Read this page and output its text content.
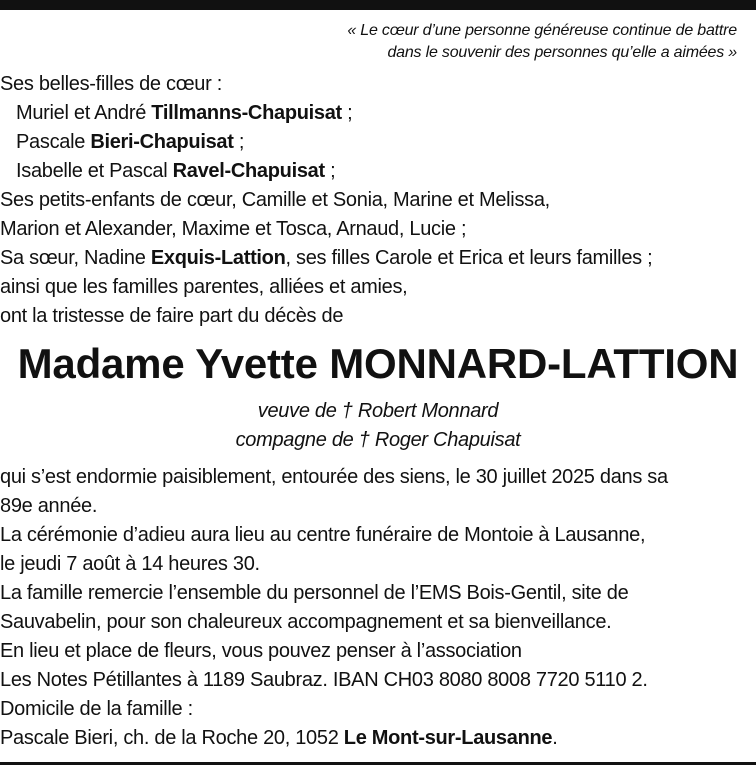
« Le cœur d’une personne généreuse continue de battre
dans le souvenir des personnes qu’elle a aimées »
Ses belles-filles de cœur :
Muriel et André Tillmanns-Chapuisat ;
Pascale Bieri-Chapuisat ;
Isabelle et Pascal Ravel-Chapuisat ;
Ses petits-enfants de cœur, Camille et Sonia, Marine et Melissa,
Marion et Alexander, Maxime et Tosca, Arnaud, Lucie ;
Sa sœur, Nadine Exquis-Lattion, ses filles Carole et Erica et leurs familles ;
ainsi que les familles parentes, alliées et amies,
ont la tristesse de faire part du décès de
Madame Yvette MONNARD-LATTION
veuve de † Robert Monnard
compagne de † Roger Chapuisat
qui s’est endormie paisiblement, entourée des siens, le 30 juillet 2025 dans sa
89e année.
La cérémonie d’adieu aura lieu au centre funéraire de Montoie à Lausanne,
le jeudi 7 août à 14 heures 30.
La famille remercie l’ensemble du personnel de l’EMS Bois-Gentil, site de
Sauvabelin, pour son chaleureux accompagnement et sa bienveillance.
En lieu et place de fleurs, vous pouvez penser à l’association
Les Notes Pétillantes à 1189 Saubraz. IBAN CH03 8080 8008 7720 5110 2.
Domicile de la famille :
Pascale Bieri, ch. de la Roche 20, 1052 Le Mont-sur-Lausanne.
